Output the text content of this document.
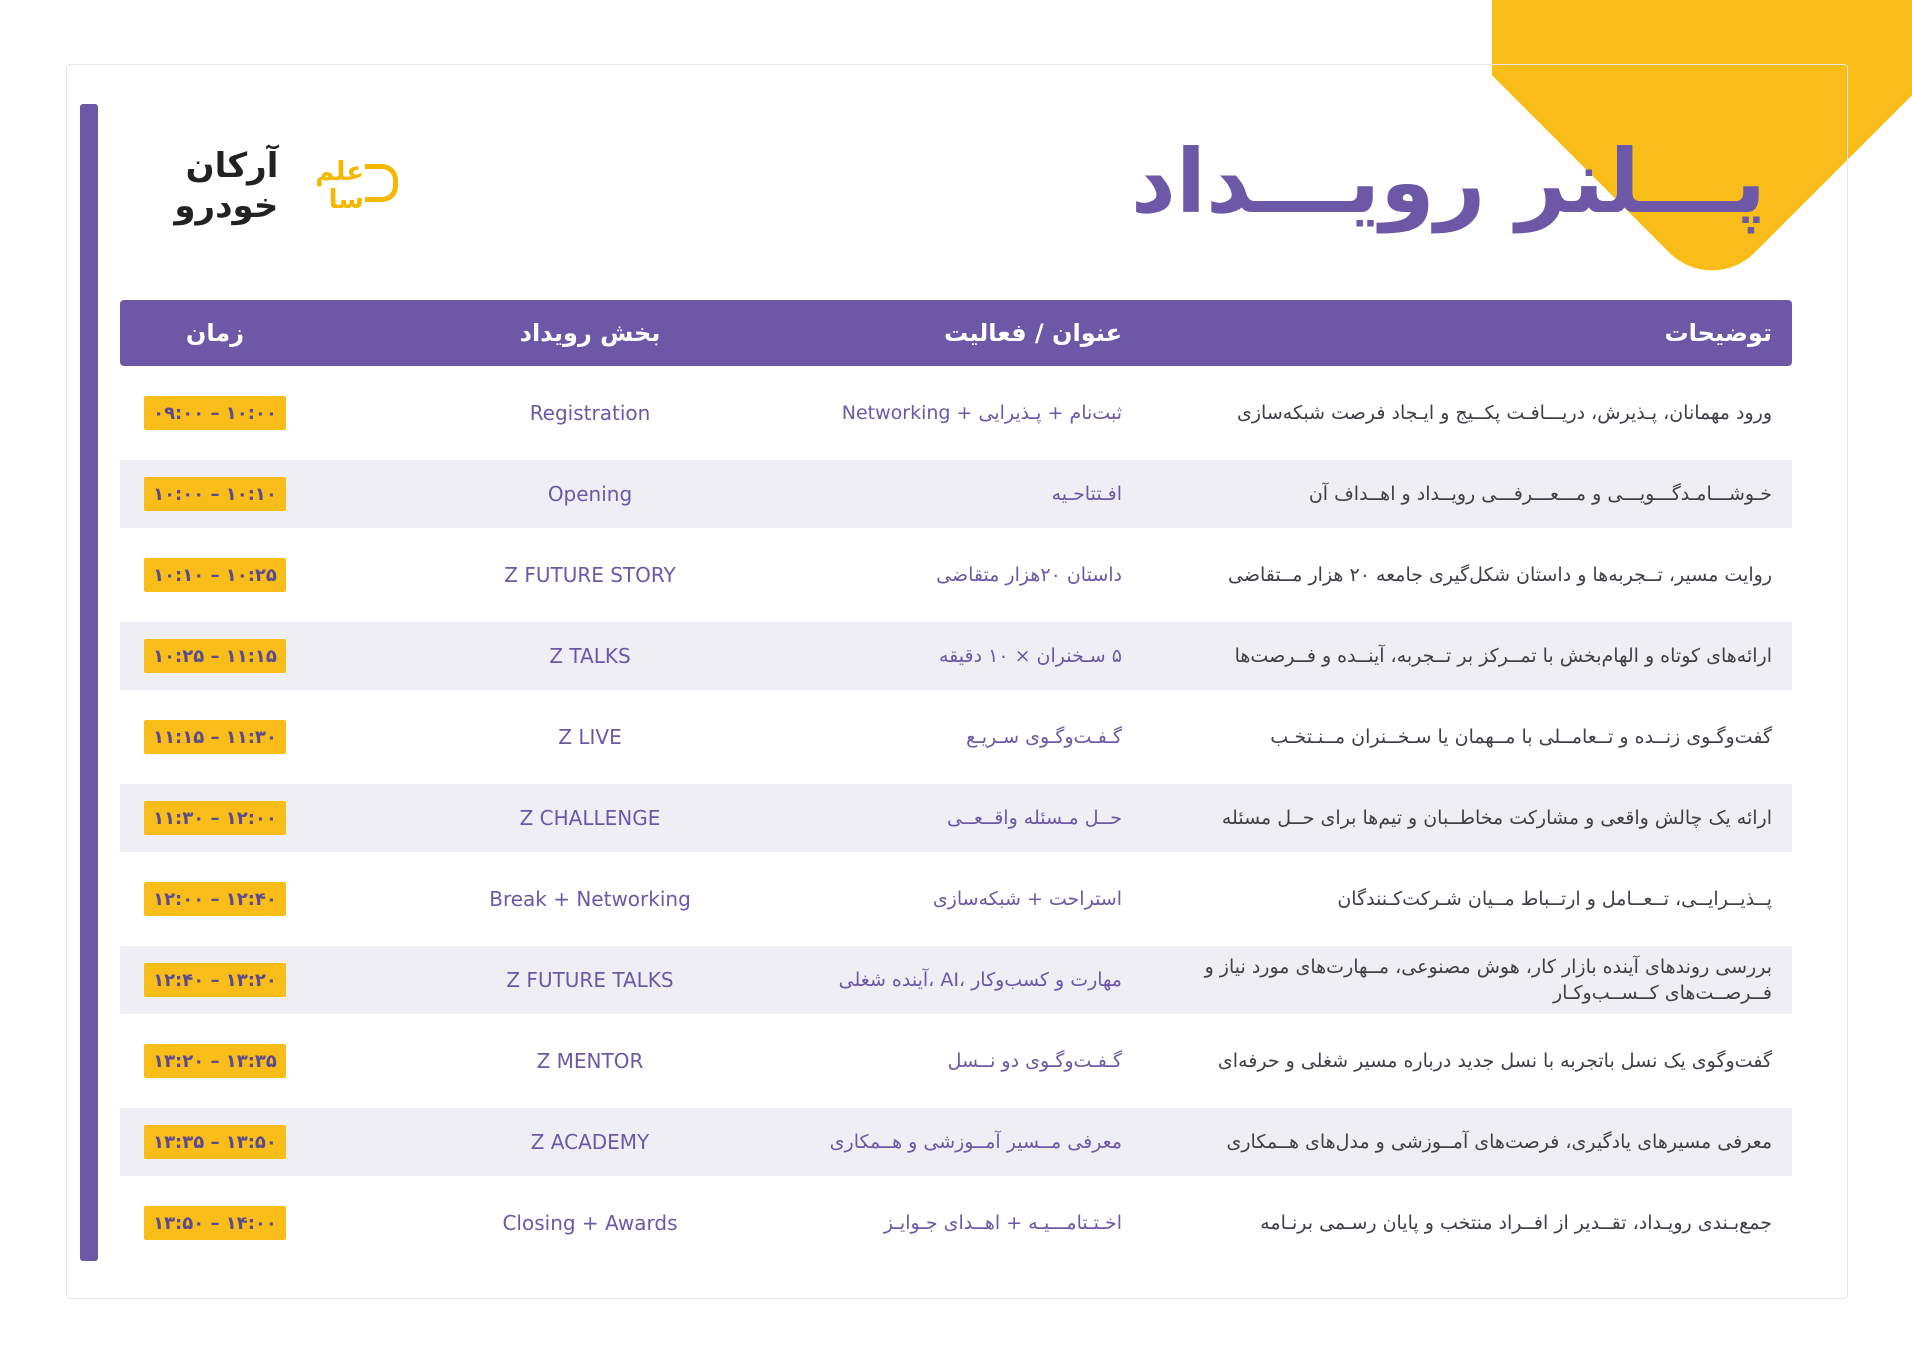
پـــلنر رویـــداد
آرکان خودرو
علم سا
توضیحات
عنوان / فعالیت
بخش رویداد
زمان
ورود مهمانان، پـذیرش، دریـــافـت پکــیج و ایـجاد فرصت شبکه‌سازی
ثبت‌نام + پـذیرایی + Networking
Registration
۰۹:۰۰ – ۱۰:۰۰
خـوشـــامـدگـــویـــی و مـــعـــرفـــی رویــداد و اهــداف آن
افـتتاحـیه
Opening
۱۰:۰۰ – ۱۰:۱۰
روایت مسیر، تــجربه‌ها و داستان شکل‌گیری جامعه ۲۰ هزار مــتقاضی
داستان ۲۰هزار متقاضی
Z FUTURE STORY
۱۰:۱۰ – ۱۰:۲۵
ارائه‌های کوتاه و الهام‌بخش با تمــرکز بر تــجربه، آینــده و فــرصت‌ها
۵ سـخنران × ۱۰ دقیقه
Z TALKS
۱۰:۲۵ – ۱۱:۱۵
گفت‌وگـوی زنــده و تــعامــلی با مــهمان یا سـخــنران مــنـتخـب
گـفـت‌وگـوی سـریـع
Z LIVE
۱۱:۱۵ – ۱۱:۳۰
ارائه یک چالش واقعی و مشارکت مخاطــبان و تیم‌ها برای حــل مسئله
حــل مـسئله واقــعــی
Z CHALLENGE
۱۱:۳۰ – ۱۲:۰۰
پــذیــرایــی، تــعــامل و ارتــباط مــیان شـرکت‌کـنندگان
استراحت + شبکه‌سازی
Break + Networking
۱۲:۰۰ – ۱۲:۴۰
بررسی روندهای آینده بازار کار، هوش مصنوعی، مــهارت‌های مورد نیاز و فــرصــت‌های کــســب‌وکـار
مهارت و کسب‌وکار ،AI ،آینده شغلی
Z FUTURE TALKS
۱۲:۴۰ – ۱۳:۲۰
گفت‌وگوی یک نسل باتجربه با نسل جدید درباره مسیر شغلی و حرفه‌ای
گـفـت‌وگـوی دو نــسل
Z MENTOR
۱۳:۲۰ – ۱۳:۳۵
معرفی مسیرهای یادگیری، فرصت‌های آمــوزشی و مدل‌های هــمکاری
معرفی مــسیر آمــوزشی و هــمکاری
Z ACADEMY
۱۳:۳۵ – ۱۳:۵۰
جمع‌بـندی رویـداد، تقــدیر از افــراد منتخب و پایان رسـمی برنـامه
اخـتـتامـــیـه + اهــدای جـوایـز
Closing + Awards
۱۳:۵۰ – ۱۴:۰۰
